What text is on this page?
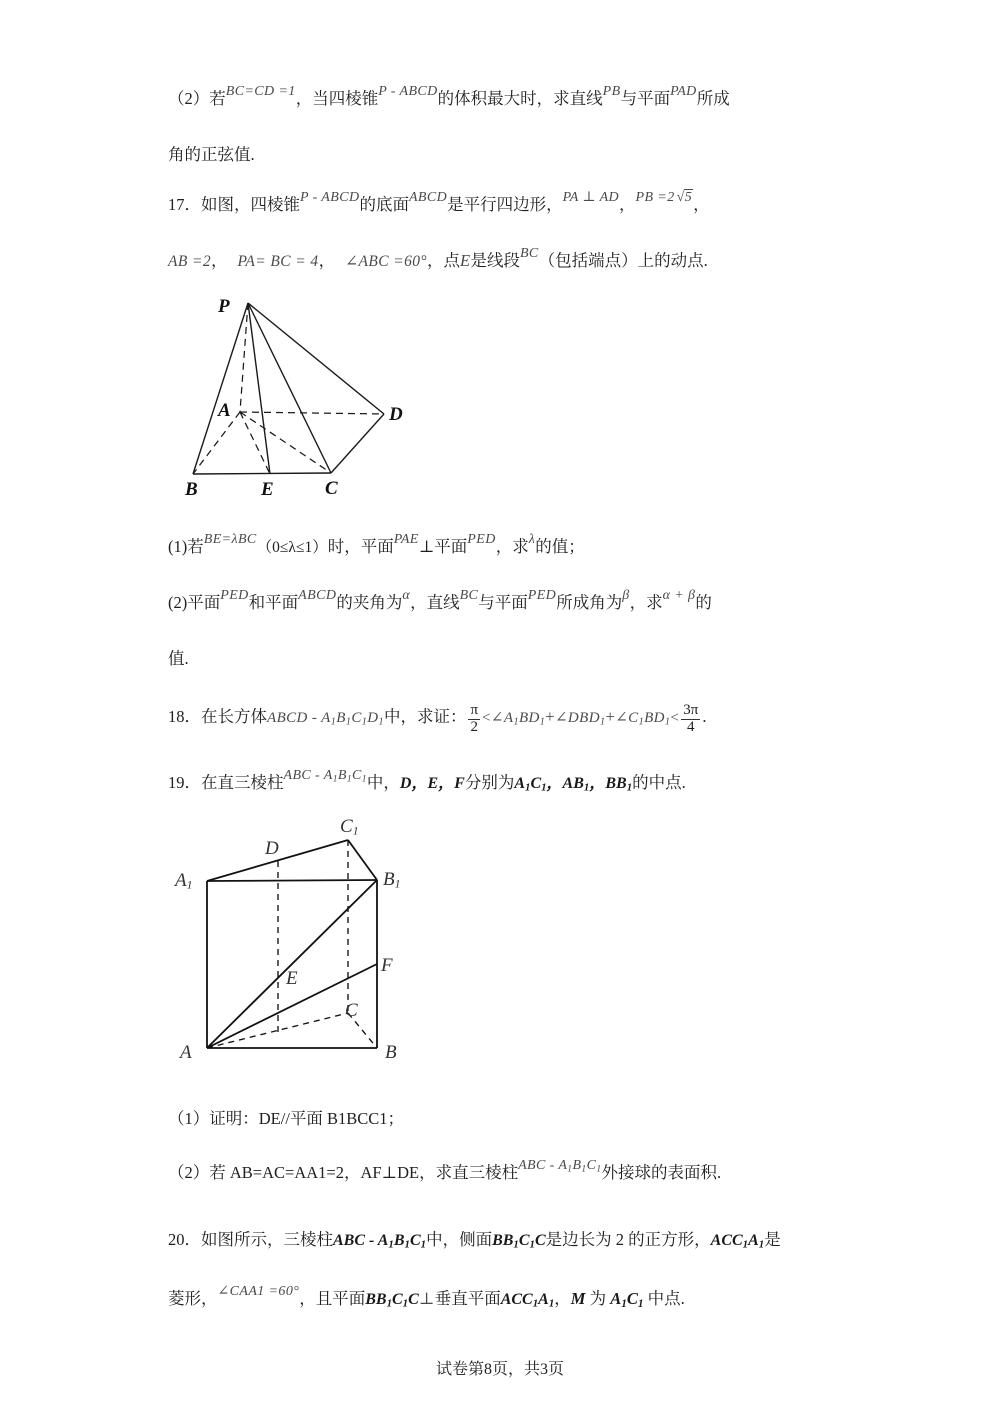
（2）若BC=CD =1，当四棱锥P - ABCD的体积最大时，求直线PB与平面PAD所成
角的正弦值.
17．如图，四棱锥P - ABCD的底面ABCD是平行四边形，PA ⊥ AD，PB =2 √5，
AB =2， PA= BC = 4， ∠ABC =60°，点E是线段BC（包括端点）上的动点.
P
A
B	E	C
D
(1)若BE=λBC（0≤λ≤1）时，平面PAE⊥平面PED，求λ的值；
(2)平面PED和平面ABCD的夹角为α，直线BC与平面PED所成角为β，求α + β的
值.
18．在长方体ABCD - $A_1B_1C_1D_1$中，求证： $\frac{\pi}{2}$ $<\angle A_1BD_1+\angle DBD_1+\angle C_1BD_1< \frac{3\pi}{4}$ .
19．在直三棱柱ABC - $A_1B_1C_1$中，D，E，F分别为$A_1C_1$，$AB_1$，$BB_1$的中点.
$A_1$	$B_1$
$C_1$
D
A	B
C
E
F
（1）证明：DE//平面 B1BCC1；
（2）若 AB=AC=AA1=2，AF⊥DE，求直三棱柱ABC - $A_1B_1C_1$外接球的表面积.
20．如图所示，三棱柱ABC - $A_1B_1C_1$中，侧面$BB_1C_1C$是边长为 2 的正方形，$ACC_1A_1$是
菱形，∠CAA1 =60°，且平面$BB_1C_1C\perp$垂直平面$ACC_1A_1$，M 为 $A_1C_1$ 中点.
试卷第8页，共3页
